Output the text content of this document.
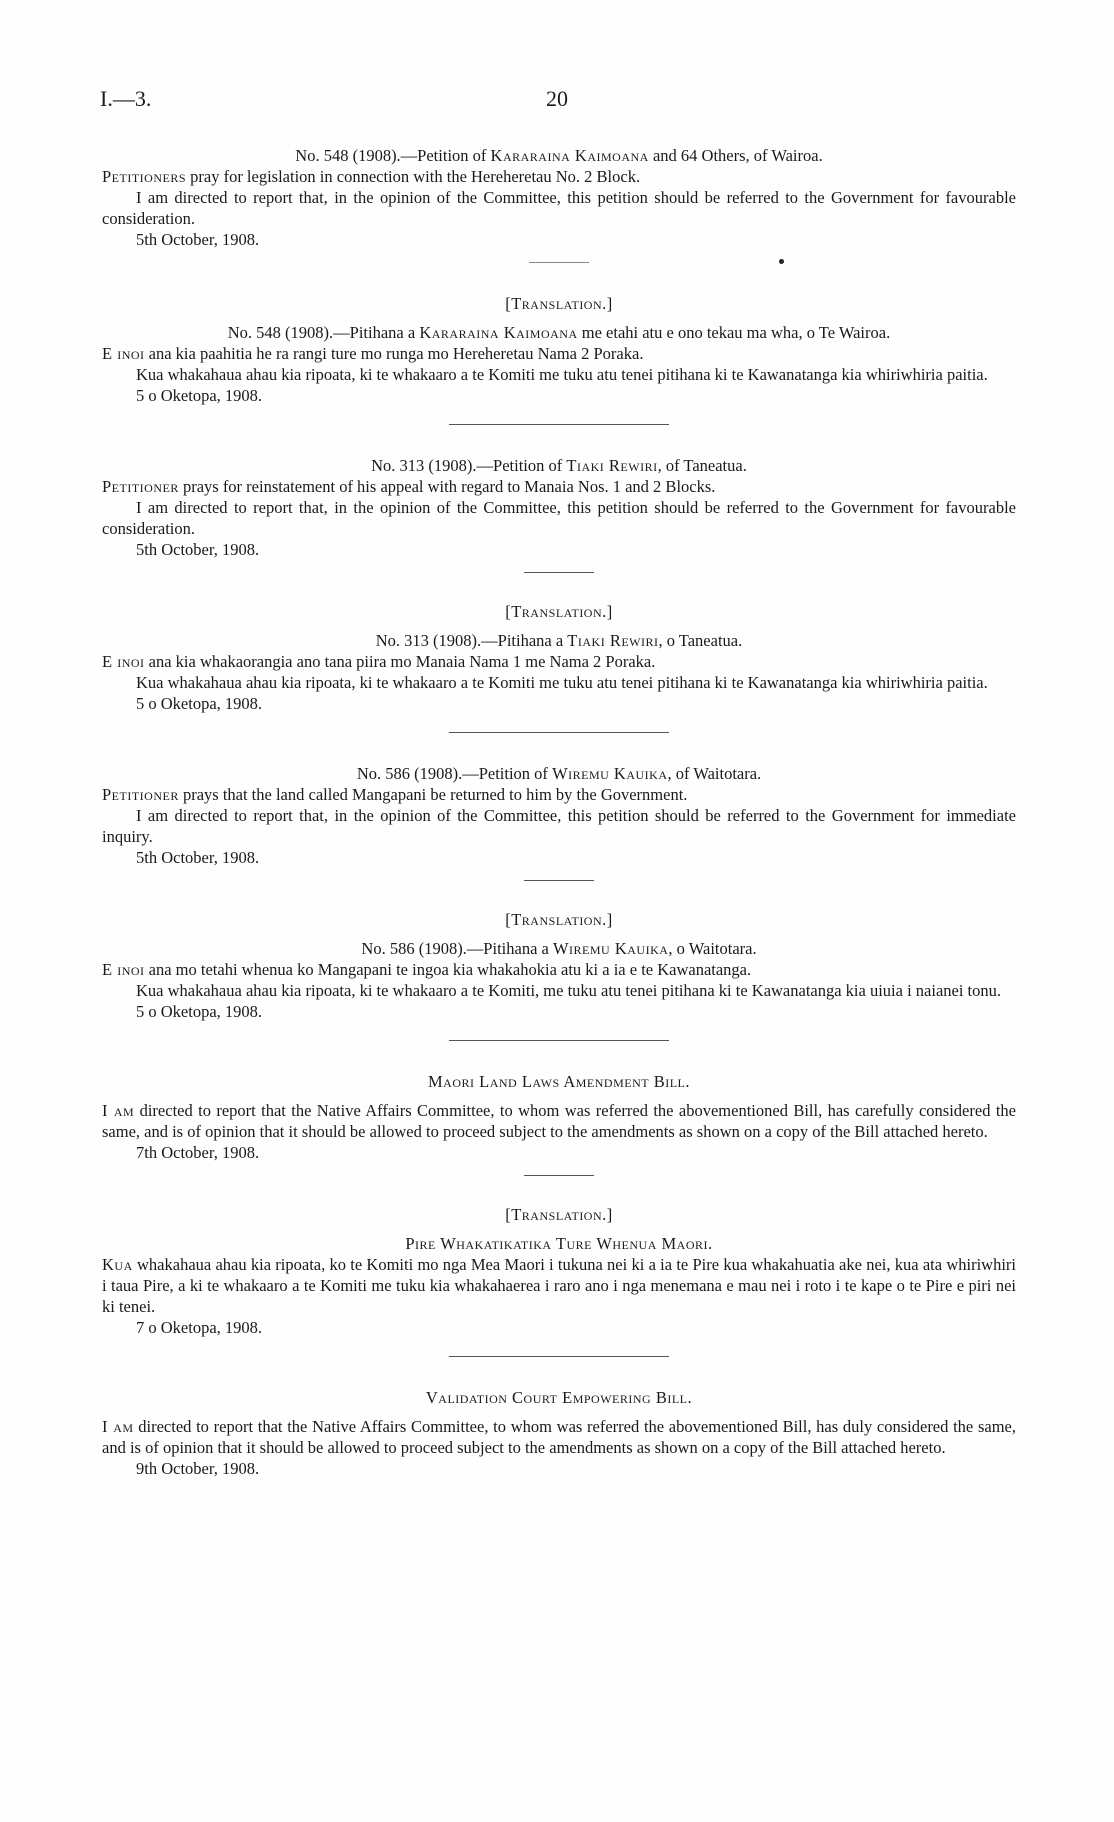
I.—3.	20

No. 548 (1908).—Petition of Kararaina Kaimoana and 64 Others, of Wairoa.

Petitioners pray for legislation in connection with the Hereheretau No. 2 Block.

I am directed to report that, in the opinion of the Committee, this petition should be referred to the Government for favourable consideration.

5th October, 1908.

[Translation.]

No. 548 (1908).—Pitihana a Kararaina Kaimoana me etahi atu e ono tekau ma wha, o Te Wairoa.

E inoi ana kia paahitia he ra rangi ture mo runga mo Hereheretau Nama 2 Poraka.

Kua whakahaua ahau kia ripoata, ki te whakaaro a te Komiti me tuku atu tenei pitihana ki te Kawanatanga kia whiriwhiria paitia.

5 o Oketopa, 1908.

No. 313 (1908).—Petition of Tiaki Rewiri, of Taneatua.

Petitioner prays for reinstatement of his appeal with regard to Manaia Nos. 1 and 2 Blocks.

I am directed to report that, in the opinion of the Committee, this petition should be referred to the Government for favourable consideration.

5th October, 1908.

[Translation.]

No. 313 (1908).—Pitihana a Tiaki Rewiri, o Taneatua.

E inoi ana kia whakaorangia ano tana piira mo Manaia Nama 1 me Nama 2 Poraka.

Kua whakahaua ahau kia ripoata, ki te whakaaro a te Komiti me tuku atu tenei pitihana ki te Kawanatanga kia whiriwhiria paitia.

5 o Oketopa, 1908.

No. 586 (1908).—Petition of Wiremu Kauika, of Waitotara.

Petitioner prays that the land called Mangapani be returned to him by the Government.

I am directed to report that, in the opinion of the Committee, this petition should be referred to the Government for immediate inquiry.

5th October, 1908.

[Translation.]

No. 586 (1908).—Pitihana a Wiremu Kauika, o Waitotara.

E inoi ana mo tetahi whenua ko Mangapani te ingoa kia whakahokia atu ki a ia e te Kawanatanga.

Kua whakahaua ahau kia ripoata, ki te whakaaro a te Komiti, me tuku atu tenei pitihana ki te Kawanatanga kia uiuia i naianei tonu.

5 o Oketopa, 1908.

Maori Land Laws Amendment Bill.

I am directed to report that the Native Affairs Committee, to whom was referred the abovementioned Bill, has carefully considered the same, and is of opinion that it should be allowed to proceed subject to the amendments as shown on a copy of the Bill attached hereto.

7th October, 1908.

[Translation.]

Pire Whakatikatika Ture Whenua Maori.

Kua whakahaua ahau kia ripoata, ko te Komiti mo nga Mea Maori i tukuna nei ki a ia te Pire kua whakahuatia ake nei, kua ata whiriwhiri i taua Pire, a ki te whakaaro a te Komiti me tuku kia whakahaerea i raro ano i nga menemana e mau nei i roto i te kape o te Pire e piri nei ki tenei.

7 o Oketopa, 1908.

Validation Court Empowering Bill.

I am directed to report that the Native Affairs Committee, to whom was referred the abovementioned Bill, has duly considered the same, and is of opinion that it should be allowed to proceed subject to the amendments as shown on a copy of the Bill attached hereto.

9th October, 1908.
